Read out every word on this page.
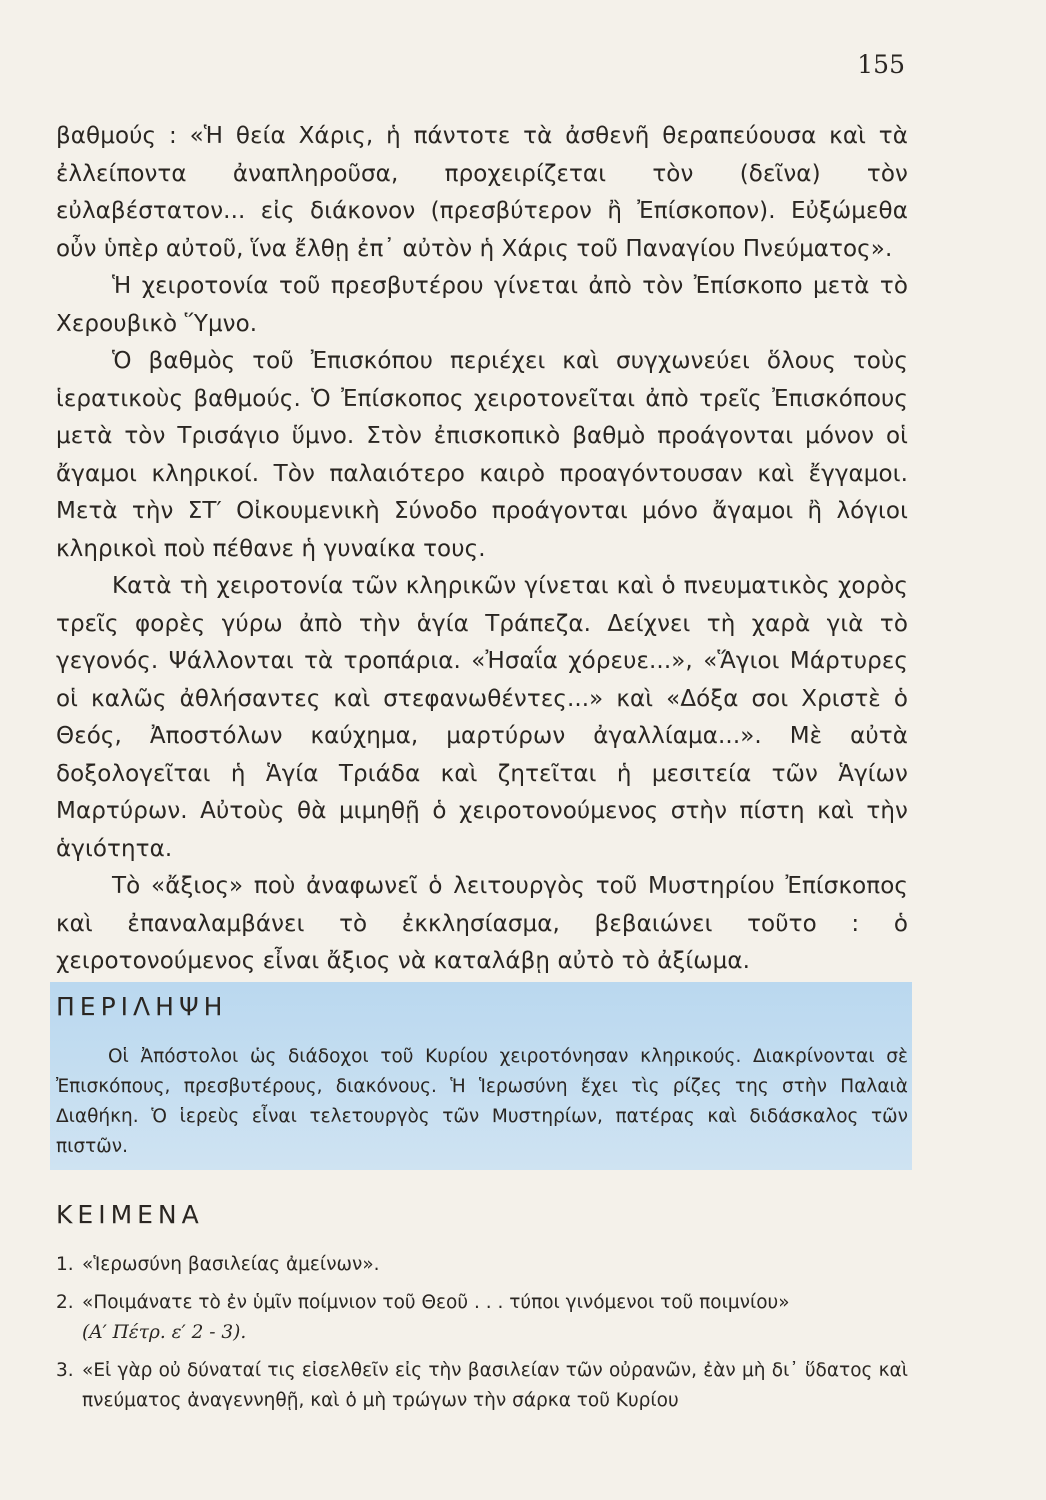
155

βαθμούς : «Ἡ θεία Χάρις, ἡ πάντοτε τὰ ἀσθενῆ θεραπεύουσα καὶ τὰ ἐλλείποντα ἀναπληροῦσα, προχειρίζεται τὸν (δεῖνα) τὸν εὐλαβέστατον... εἰς διάκονον (πρεσβύτερον ἢ Ἐπίσκοπον). Εὐξώμεθα οὖν ὑπὲρ αὐτοῦ, ἵνα ἔλθῃ ἐπ᾽ αὐτὸν ἡ Χάρις τοῦ Παναγίου Πνεύματος».

Ἡ χειροτονία τοῦ πρεσβυτέρου γίνεται ἀπὸ τὸν Ἐπίσκοπο μετὰ τὸ Χερουβικὸ Ὕμνο.

Ὁ βαθμὸς τοῦ Ἐπισκόπου περιέχει καὶ συγχωνεύει ὅλους τοὺς ἱερατικοὺς βαθμούς. Ὁ Ἐπίσκοπος χειροτονεῖται ἀπὸ τρεῖς Ἐπισκόπους μετὰ τὸν Τρισάγιο ὕμνο. Στὸν ἐπισκοπικὸ βαθμὸ προάγονται μόνον οἱ ἄγαμοι κληρικοί. Τὸν παλαιότερο καιρὸ προαγόντουσαν καὶ ἔγγαμοι. Μετὰ τὴν ΣΤ′ Οἰκουμενικὴ Σύνοδο προάγονται μόνο ἄγαμοι ἢ λόγιοι κληρικοὶ ποὺ πέθανε ἡ γυναίκα τους.

Κατὰ τὴ χειροτονία τῶν κληρικῶν γίνεται καὶ ὁ πνευματικὸς χορὸς τρεῖς φορὲς γύρω ἀπὸ τὴν ἁγία Τράπεζα. Δείχνει τὴ χαρὰ γιὰ τὸ γεγονός. Ψάλλονται τὰ τροπάρια. «Ἠσαΐα χόρευε...», «Ἅγιοι Μάρτυρες οἱ καλῶς ἀθλήσαντες καὶ στεφανωθέντες...» καὶ «Δόξα σοι Χριστὲ ὁ Θεός, Ἀποστόλων καύχημα, μαρτύρων ἀγαλλίαμα...». Μὲ αὐτὰ δοξολογεῖται ἡ Ἁγία Τριάδα καὶ ζητεῖται ἡ μεσιτεία τῶν Ἁγίων Μαρτύρων. Αὐτοὺς θὰ μιμηθῇ ὁ χειροτονούμενος στὴν πίστη καὶ τὴν ἁγιότητα.

Τὸ «ἄξιος» ποὺ ἀναφωνεῖ ὁ λειτουργὸς τοῦ Μυστηρίου Ἐπίσκοπος καὶ ἐπαναλαμβάνει τὸ ἐκκλησίασμα, βεβαιώνει τοῦτο : ὁ χειροτονούμενος εἶναι ἄξιος νὰ καταλάβῃ αὐτὸ τὸ ἀξίωμα.

ΠΕΡΙΛΗΨΗ

Οἱ Ἀπόστολοι ὡς διάδοχοι τοῦ Κυρίου χειροτόνησαν κληρικούς. Διακρίνονται σὲ Ἐπισκόπους, πρεσβυτέρους, διακόνους. Ἡ Ἱερωσύνη ἔχει τὶς ρίζες της στὴν Παλαιὰ Διαθήκη. Ὁ ἱερεὺς εἶναι τελετουργὸς τῶν Μυστηρίων, πατέρας καὶ διδάσκαλος τῶν πιστῶν.

ΚΕΙΜΕΝΑ
1. «Ἱερωσύνη βασιλείας ἀμείνων».
2. «Ποιμάνατε τὸ ἐν ὑμῖν ποίμνιον τοῦ Θεοῦ . . . τύποι γινόμενοι τοῦ ποιμνίου»
(Α′ Πέτρ. ε′ 2 - 3).
3. «Εἰ γὰρ οὐ δύναταί τις εἰσελθεῖν εἰς τὴν βασιλείαν τῶν οὐρανῶν, ἐὰν μὴ δι᾽ ὕδατος καὶ πνεύματος ἀναγεννηθῇ, καὶ ὁ μὴ τρώγων τὴν σάρκα τοῦ Κυρίου
